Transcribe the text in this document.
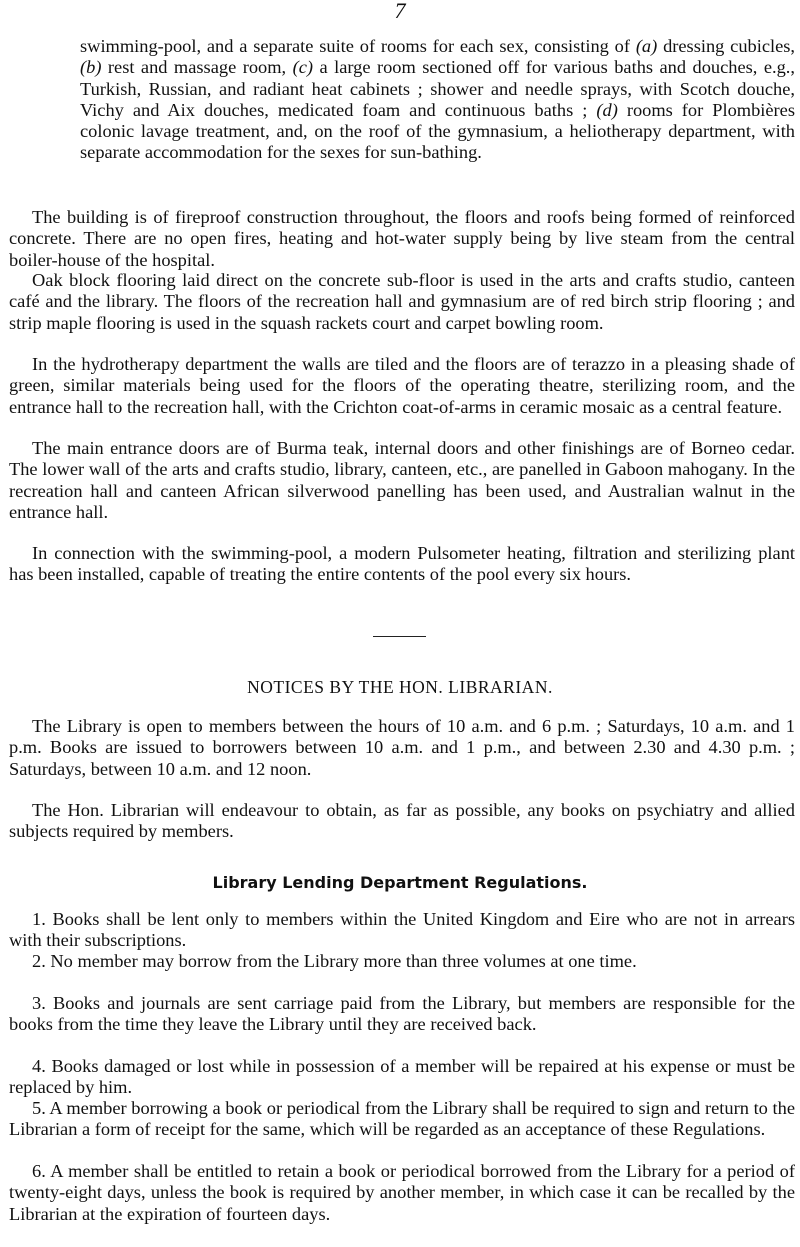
7

swimming-pool, and a separate suite of rooms for each sex, consisting of (a) dressing cubicles, (b) rest and massage room, (c) a large room sectioned off for various baths and douches, e.g., Turkish, Russian, and radiant heat cabinets ; shower and needle sprays, with Scotch douche, Vichy and Aix douches, medicated foam and continuous baths ; (d) rooms for Plombières colonic lavage treatment, and, on the roof of the gymnasium, a heliotherapy department, with separate accommodation for the sexes for sun-bathing.

The building is of fireproof construction throughout, the floors and roofs being formed of reinforced concrete. There are no open fires, heating and hot-water supply being by live steam from the central boiler-house of the hospital.

Oak block flooring laid direct on the concrete sub-floor is used in the arts and crafts studio, canteen café and the library. The floors of the recreation hall and gymnasium are of red birch strip flooring ; and strip maple flooring is used in the squash rackets court and carpet bowling room.

In the hydrotherapy department the walls are tiled and the floors are of terazzo in a pleasing shade of green, similar materials being used for the floors of the operating theatre, sterilizing room, and the entrance hall to the recreation hall, with the Crichton coat-of-arms in ceramic mosaic as a central feature.

The main entrance doors are of Burma teak, internal doors and other finishings are of Borneo cedar. The lower wall of the arts and crafts studio, library, canteen, etc., are panelled in Gaboon mahogany. In the recreation hall and canteen African silverwood panelling has been used, and Australian walnut in the entrance hall.

In connection with the swimming-pool, a modern Pulsometer heating, filtration and sterilizing plant has been installed, capable of treating the entire contents of the pool every six hours.

NOTICES BY THE HON. LIBRARIAN.

The Library is open to members between the hours of 10 a.m. and 6 p.m. ; Saturdays, 10 a.m. and 1 p.m. Books are issued to borrowers between 10 a.m. and 1 p.m., and between 2.30 and 4.30 p.m. ; Saturdays, between 10 a.m. and 12 noon.

The Hon. Librarian will endeavour to obtain, as far as possible, any books on psychiatry and allied subjects required by members.

Library Lending Department Regulations.

1. Books shall be lent only to members within the United Kingdom and Eire who are not in arrears with their subscriptions.

2. No member may borrow from the Library more than three volumes at one time.

3. Books and journals are sent carriage paid from the Library, but members are responsible for the books from the time they leave the Library until they are received back.

4. Books damaged or lost while in possession of a member will be repaired at his expense or must be replaced by him.

5. A member borrowing a book or periodical from the Library shall be required to sign and return to the Librarian a form of receipt for the same, which will be regarded as an acceptance of these Regulations.

6. A member shall be entitled to retain a book or periodical borrowed from the Library for a period of twenty-eight days, unless the book is required by another member, in which case it can be recalled by the Librarian at the expiration of fourteen days.
